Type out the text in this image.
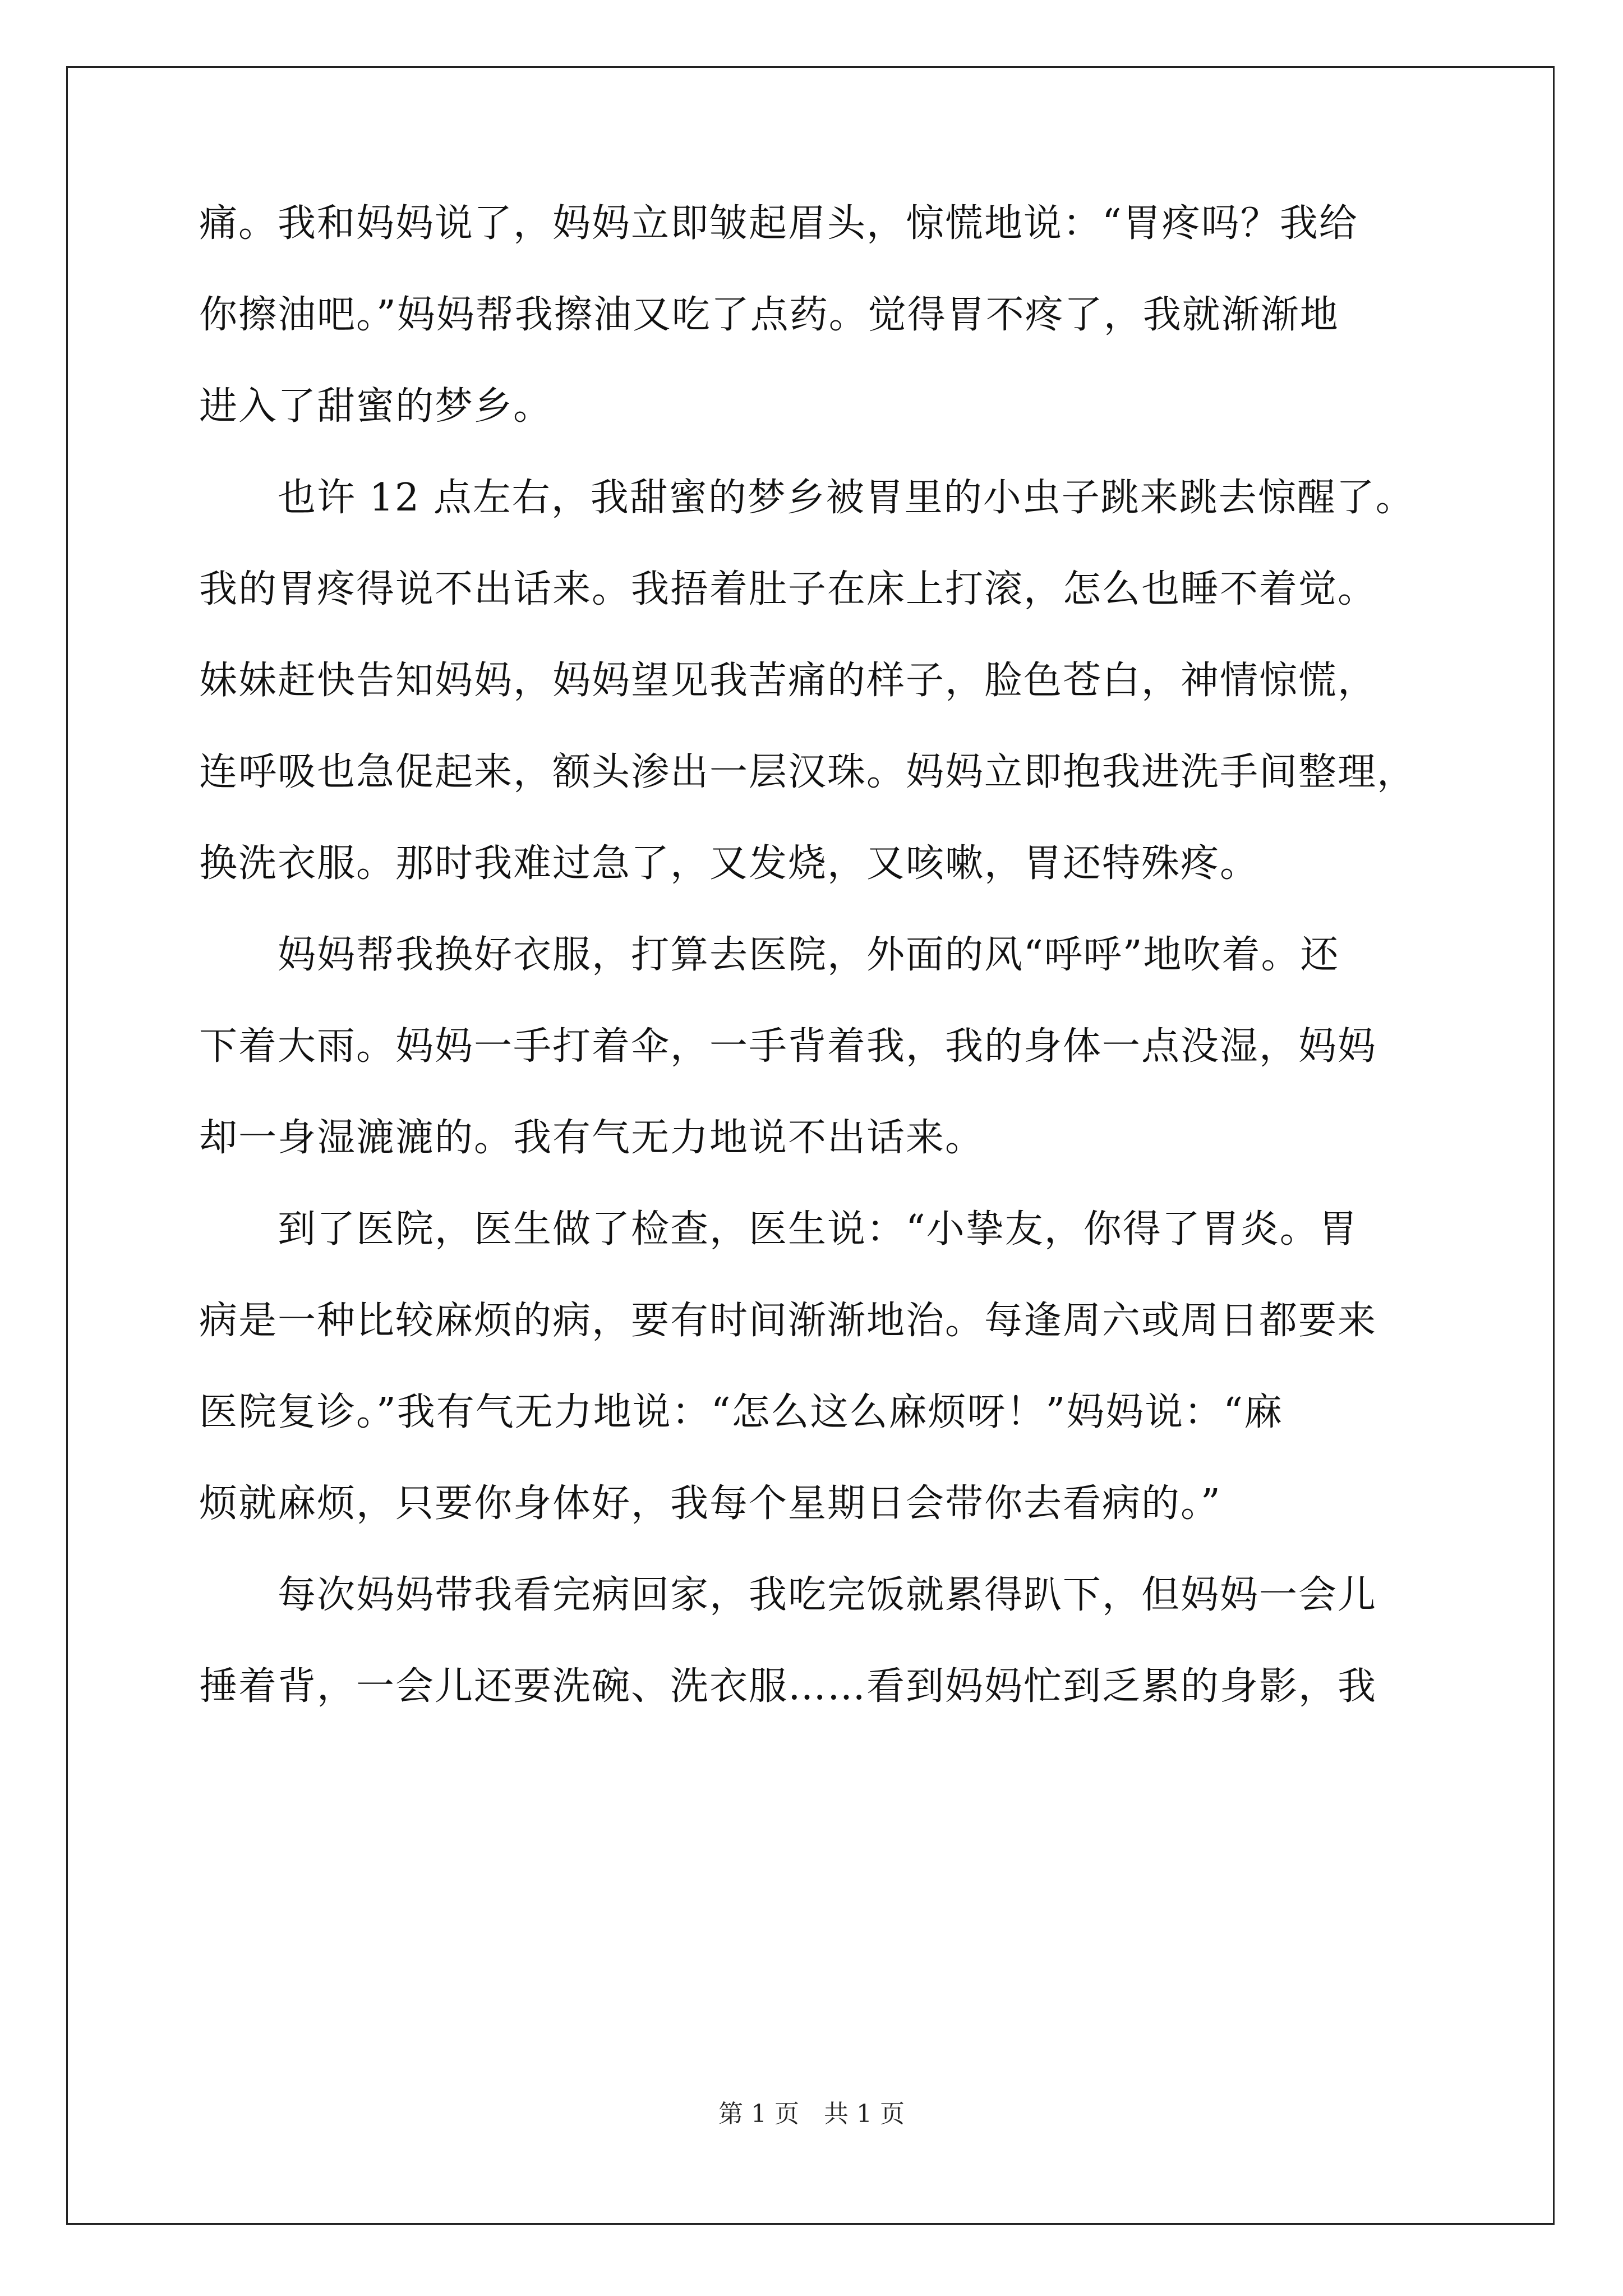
痛。我和妈妈说了，妈妈立即皱起眉头，惊慌地说：“胃疼吗？我给
你擦油吧。”妈妈帮我擦油又吃了点药。觉得胃不疼了，我就渐渐地
进入了甜蜜的梦乡。
　　也许 12 点左右，我甜蜜的梦乡被胃里的小虫子跳来跳去惊醒了。
我的胃疼得说不出话来。我捂着肚子在床上打滚，怎么也睡不着觉。
妹妹赶快告知妈妈，妈妈望见我苦痛的样子，脸色苍白，神情惊慌，
连呼吸也急促起来，额头渗出一层汉珠。妈妈立即抱我进洗手间整理，
换洗衣服。那时我难过急了，又发烧，又咳嗽，胃还特殊疼。
　　妈妈帮我换好衣服，打算去医院，外面的风“呼呼”地吹着。还
下着大雨。妈妈一手打着伞，一手背着我，我的身体一点没湿，妈妈
却一身湿漉漉的。我有气无力地说不出话来。
　　到了医院，医生做了检查，医生说：“小挚友，你得了胃炎。胃
病是一种比较麻烦的病，要有时间渐渐地治。每逢周六或周日都要来
医院复诊。”我有气无力地说：“怎么这么麻烦呀！”妈妈说：“麻
烦就麻烦，只要你身体好，我每个星期日会带你去看病的。”
　　每次妈妈带我看完病回家，我吃完饭就累得趴下，但妈妈一会儿
捶着背，一会儿还要洗碗、洗衣服……看到妈妈忙到乏累的身影，我
第 1 页　共 1 页
